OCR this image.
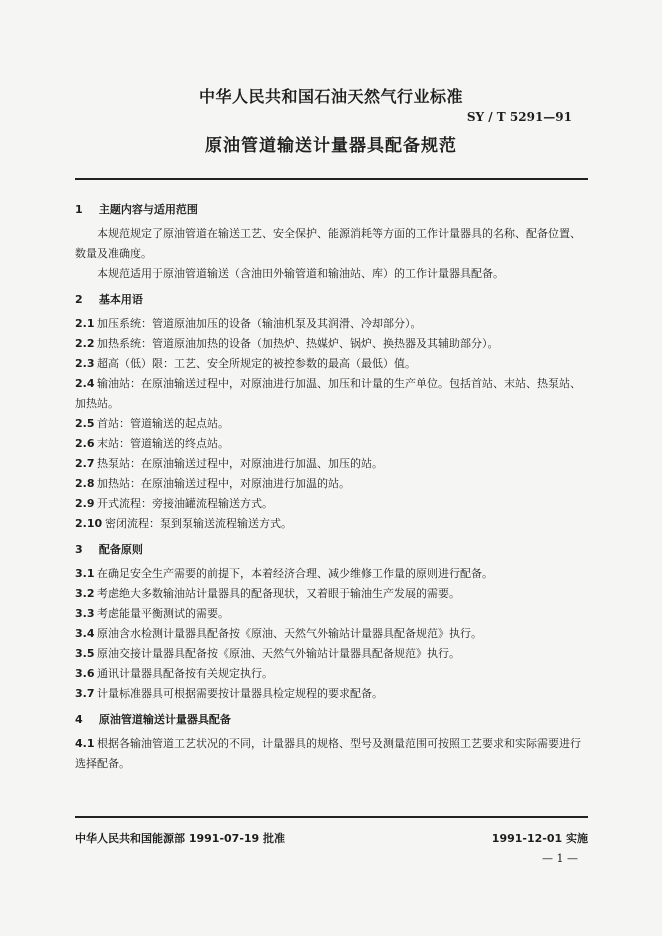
中华人民共和国石油天然气行业标准
SY / T 5291—91
原油管道输送计量器具配备规范
1 主题内容与适用范围

本规范规定了原油管道在输送工艺、安全保护、能源消耗等方面的工作计量器具的名称、配备位置、数量及准确度。

本规范适用于原油管道输送（含油田外输管道和输油站、库）的工作计量器具配备。

2 基本用语

2.1 加压系统：管道原油加压的设备（输油机泵及其润滑、冷却部分）。

2.2 加热系统：管道原油加热的设备（加热炉、热媒炉、锅炉、换热器及其辅助部分）。

2.3 超高（低）限：工艺、安全所规定的被控参数的最高（最低）值。

2.4 输油站：在原油输送过程中，对原油进行加温、加压和计量的生产单位。包括首站、末站、热泵站、加热站。

2.5 首站：管道输送的起点站。

2.6 末站：管道输送的终点站。

2.7 热泵站：在原油输送过程中，对原油进行加温、加压的站。

2.8 加热站：在原油输送过程中，对原油进行加温的站。

2.9 开式流程：旁接油罐流程输送方式。

2.10 密闭流程：泵到泵输送流程输送方式。

3 配备原则

3.1 在确足安全生产需要的前提下，本着经济合理、减少维修工作量的原则进行配备。

3.2 考虑绝大多数输油站计量器具的配备现状，又着眼于输油生产发展的需要。

3.3 考虑能量平衡测试的需要。

3.4 原油含水检测计量器具配备按《原油、天然气外输站计量器具配备规范》执行。

3.5 原油交接计量器具配备按《原油、天然气外输站计量器具配备规范》执行。

3.6 通讯计量器具配备按有关规定执行。

3.7 计量标准器具可根据需要按计量器具检定规程的要求配备。

4 原油管道输送计量器具配备

4.1 根据各输油管道工艺状况的不同，计量器具的规格、型号及测量范围可按照工艺要求和实际需要进行选择配备。

中华人民共和国能源部 1991-07-19 批准	1991-12-01 实施
— 1 —
